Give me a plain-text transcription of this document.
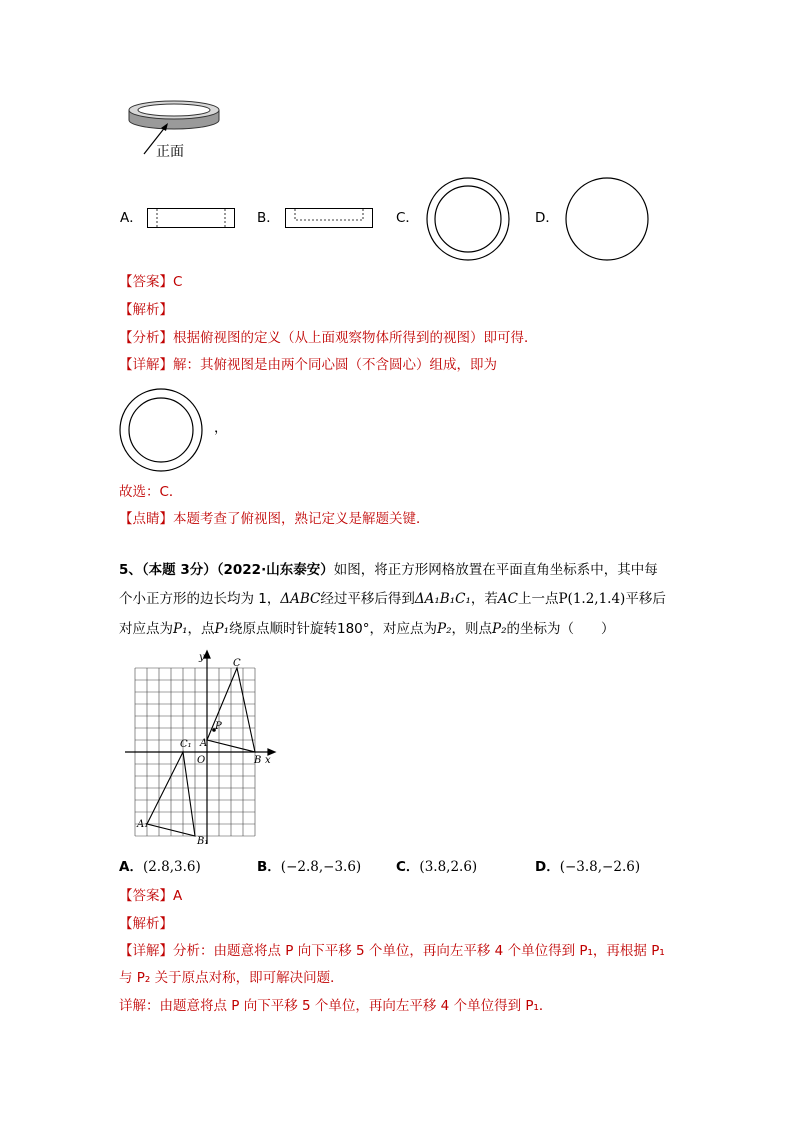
正面
A．	B．	C．	D．
【答案】C
【解析】
【分析】根据俯视图的定义（从上面观察物体所得到的视图）即可得．
【详解】解：其俯视图是由两个同心圆（不含圆心）组成，即为
，
故选：C．
【点睛】本题考查了俯视图，熟记定义是解题关键．
5、（本题 3分）（2022·山东泰安）如图，将正方形网格放置在平面直角坐标系中，其中每
个小正方形的边长均为 1，ΔABC经过平移后得到ΔA₁B₁C₁，若AC上一点P(1.2,1.4)平移后
对应点为P₁，点P₁绕原点顺时针旋转180°，对应点为P₂，则点P₂的坐标为（　　）
y
x
C
P
A
O	B
C₁
A₁
B₁
A．(2.8,3.6)	B．(−2.8,−3.6)	C．(3.8,2.6)	D．(−3.8,−2.6)
【答案】A
【解析】
【详解】分析：由题意将点 P 向下平移 5 个单位，再向左平移 4 个单位得到 P₁，再根据 P₁
与 P₂ 关于原点对称，即可解决问题．
详解：由题意将点 P 向下平移 5 个单位，再向左平移 4 个单位得到 P₁．
